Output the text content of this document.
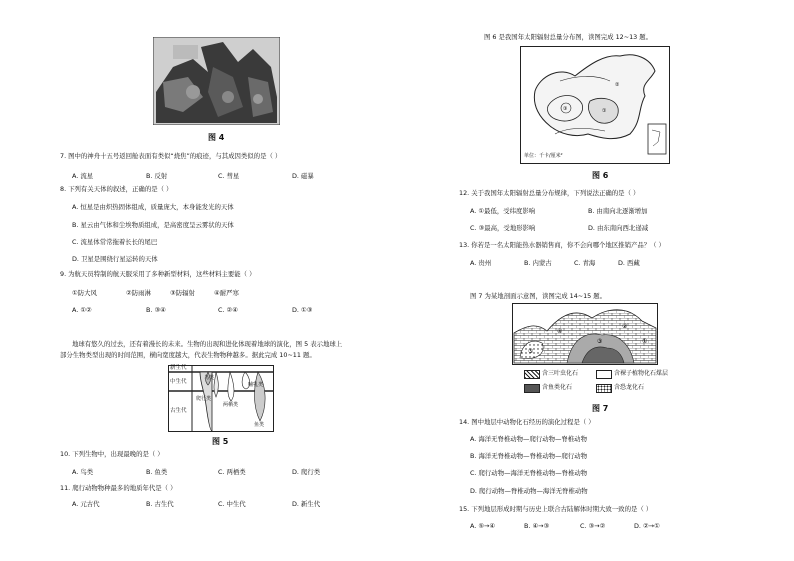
图 4
7. 图中的神舟十五号返回舱表面有类似“烧焦”的痕迹，与其成因类似的是（ ）
A. 流星	B. 反射	C. 彗星	D. 磁暴
8. 下列有关天体的叙述，正确的是（ ）
A. 恒星是由炽热固体组成，质量庞大，本身能发光的天体
B. 星云由气体和尘埃物质组成，是高密度呈云雾状的天体
C. 流星体常常拖着长长的尾巴
D. 卫星是围绕行星运转的天体
9. 为航天员特制的航天服采用了多种新型材料，这些材料主要能（ ）
①防大风	②防雨淋	③防辐射	④耐严寒
A. ①②	B. ③④	C. ②④	D. ①③
地球有悠久的过去，还有着漫长的未来。生物的出现和进化体现着地球的演化，图 5 表示地球上
部分生物类型出现的时间范围，横向宽度越大，代表生物物种越多。据此完成 10~11 题。
新生代
中生代
古生代
鸟类
爬行类
两栖类
哺乳类
鱼类
图 5
10. 下列生物中，出现最晚的是（ ）
A. 鸟类	B. 鱼类	C. 两栖类	D. 爬行类
11. 爬行动物物种最多的地质年代是（ ）
A. 元古代	B. 古生代	C. 中生代	D. 新生代
图 6 是我国年太阳辐射总量分布图，读图完成 12~13 题。
③	①
②
单位：千卡/厘米²
图 6
12. 关于我国年太阳辐射总量分布规律，下列说法正确的是（ ）
A. ①最低，受纬度影响	B. 由南向北逐渐增加
C. ③最高，受地形影响	D. 由东南向西北递减
13. 你若是一名太阳能热水器销售商，你不会向哪个地区推销产品？（ ）
A. 贵州	B. 内蒙古	C. 青海	D. 西藏
图 7 为某地剖面示意图，读图完成 14~15 题。
⑤
④
③
②
①
含三叶虫化石	含裸子植物化石煤层
含鱼类化石	含恐龙化石
图 7
14. 图中地层中动物化石经历的演化过程是（ ）
A. 海洋无脊椎动物—爬行动物—脊椎动物
B. 海洋无脊椎动物—脊椎动物—爬行动物
C. 爬行动物—海洋无脊椎动物—脊椎动物
D. 爬行动物—脊椎动物—海洋无脊椎动物
15. 下列地层形成时期与历史上联合古陆解体时期大致一致的是（ ）
A. ⑤→④	B. ④→③	C. ③→②	D. ②→①
